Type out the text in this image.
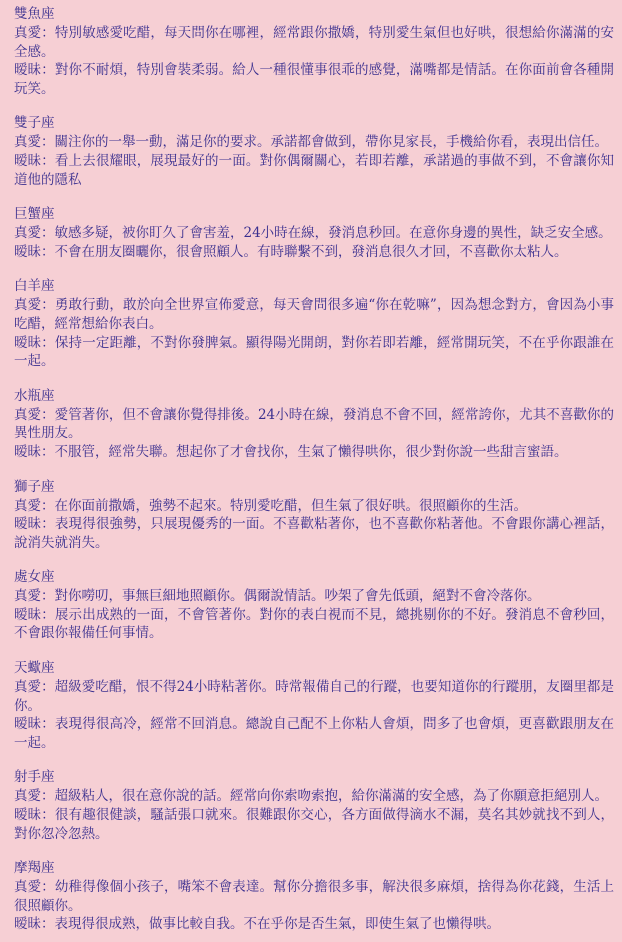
雙魚座

真愛：特別敏感愛吃醋，每天問你在哪裡，經常跟你撒嬌，特別愛生氣但也好哄，很想給你滿滿的安全感。

暧昧：對你不耐煩，特別會裝柔弱。給人一種很懂事很乖的感覺，滿嘴都是情話。在你面前會各種開玩笑。

雙子座

真愛：關注你的一舉一動，滿足你的要求。承諾都會做到，帶你見家長，手機給你看，表現出信任。

暧昧：看上去很耀眼，展現最好的一面。對你偶爾關心，若即若離，承諾過的事做不到，不會讓你知道他的隱私

巨蟹座

真愛：敏感多疑，被你盯久了會害羞，24小時在線，發消息秒回。在意你身邊的異性，缺乏安全感。

暧昧：不會在朋友圈曬你，很會照顧人。有時聯繫不到，發消息很久才回，不喜歡你太粘人。

白羊座

真愛：勇敢行動，敢於向全世界宣佈愛意，每天會問很多遍“你在乾嘛”，因為想念對方，會因為小事吃醋，經常想給你表白。

暧昧：保持一定距離，不對你發脾氣。顯得陽光開朗，對你若即若離，經常開玩笑，不在乎你跟誰在一起。

水瓶座

真愛：愛管著你，但不會讓你覺得排後。24小時在線，發消息不會不回，經常誇你，尤其不喜歡你的異性朋友。

暧昧：不服管，經常失聯。想起你了才會找你，生氣了懶得哄你，很少對你說一些甜言蜜語。

獅子座

真愛：在你面前撒嬌，強勢不起來。特別愛吃醋，但生氣了很好哄。很照顧你的生活。

暧昧：表現得很強勢，只展現優秀的一面。不喜歡粘著你，也不喜歡你粘著他。不會跟你講心裡話，說消失就消失。

處女座

真愛：對你嘮叨，事無巨細地照顧你。偶爾說情話。吵架了會先低頭，絕對不會冷落你。

暧昧：展示出成熟的一面，不會管著你。對你的表白視而不見，總挑剔你的不好。發消息不會秒回，不會跟你報備任何事情。

天蠍座

真愛：超級愛吃醋，恨不得24小時粘著你。時常報備自己的行蹤，也要知道你的行蹤朋，友圈里都是你。

暧昧：表現得很高冷，經常不回消息。總說自己配不上你粘人會煩，問多了也會煩，更喜歡跟朋友在一起。

射手座

真愛：超級粘人，很在意你說的話。經常向你索吻索抱，給你滿滿的安全感，為了你願意拒絕別人。

暧昧：很有趣很健談，騷話張口就來。很難跟你交心，各方面做得滴水不漏，莫名其妙就找不到人，對你忽冷忽熱。

摩羯座

真愛：幼稚得像個小孩子，嘴笨不會表達。幫你分擔很多事，解決很多麻煩，捨得為你花錢，生活上很照顧你。

暧昧：表現得很成熟，做事比較自我。不在乎你是否生氣，即使生氣了也懶得哄。
